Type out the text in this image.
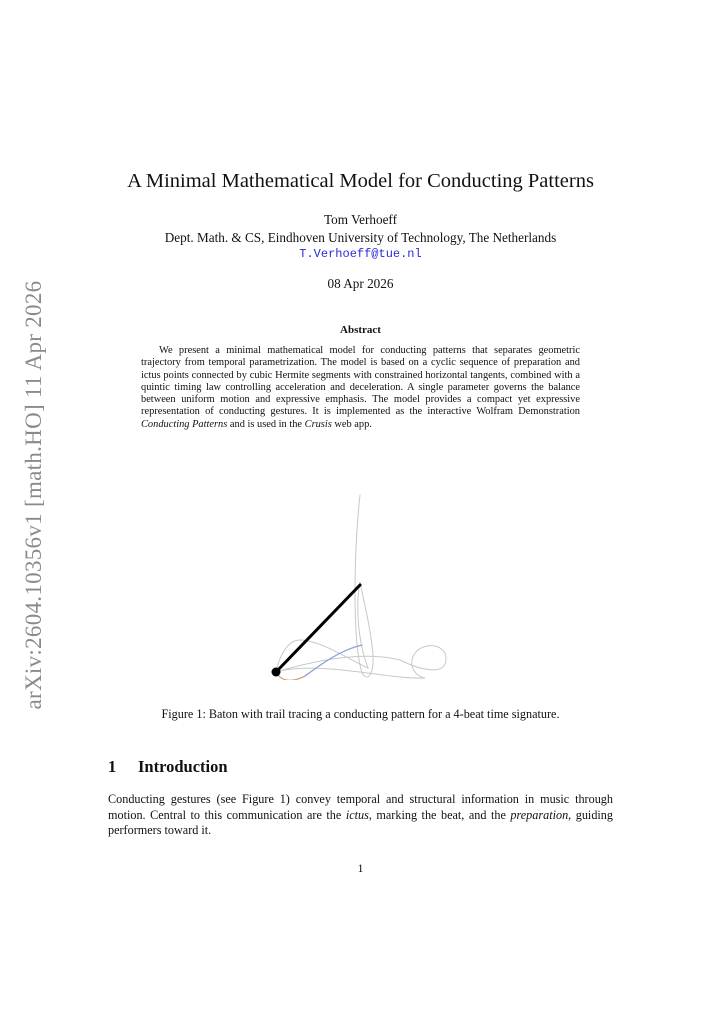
arXiv:2604.10356v1 [math.HO] 11 Apr 2026
A Minimal Mathematical Model for Conducting Patterns
Tom Verhoeff
Dept. Math. & CS, Eindhoven University of Technology, The Netherlands
T.Verhoeff@tue.nl
08 Apr 2026
Abstract

We present a minimal mathematical model for conducting patterns that separates geometric trajectory from temporal parametrization. The model is based on a cyclic sequence of preparation and ictus points connected by cubic Hermite segments with constrained horizontal tangents, combined with a quintic timing law controlling acceleration and deceleration. A single parameter governs the balance between uniform motion and expressive emphasis. The model provides a compact yet expressive representation of conducting gestures. It is implemented as the interactive Wolfram Demonstration Conducting Patterns and is used in the Crusis web app.

Figure 1: Baton with trail tracing a conducting pattern for a 4-beat time signature.
1 Introduction

Conducting gestures (see Figure 1) convey temporal and structural information in music through motion. Central to this communication are the ictus, marking the beat, and the preparation, guiding performers toward it.

1
